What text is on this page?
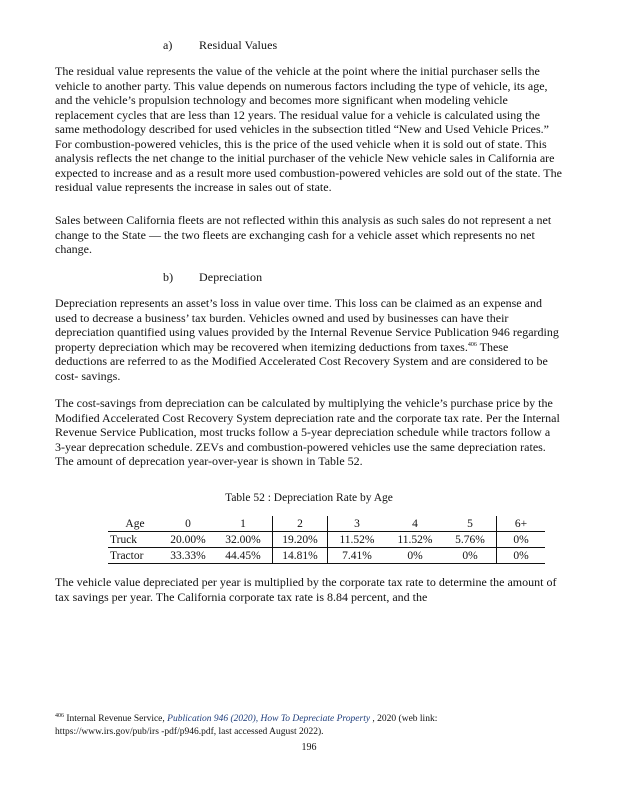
a) Residual Values

The residual value represents the value of the vehicle at the point where the initial purchaser sells the vehicle to another party. This value depends on numerous factors including the type of vehicle, its age, and the vehicle’s propulsion technology and becomes more significant when modeling vehicle replacement cycles that are less than 12 years. The residual value for a vehicle is calculated using the same methodology described for used vehicles in the subsection titled “New and Used Vehicle Prices.” For combustion-powered vehicles, this is the price of the used vehicle when it is sold out of state. This analysis reflects the net change to the initial purchaser of the vehicle New vehicle sales in California are expected to increase and as a result more used combustion-powered vehicles are sold out of the state. The residual value represents the increase in sales out of state.

Sales between California fleets are not reflected within this analysis as such sales do not represent a net change to the State — the two fleets are exchanging cash for a vehicle asset which represents no net change.

b) Depreciation

Depreciation represents an asset’s loss in value over time. This loss can be claimed as an expense and used to decrease a business’ tax burden. Vehicles owned and used by businesses can have their depreciation quantified using values provided by the Internal Revenue Service Publication 946 regarding property depreciation which may be recovered when itemizing deductions from taxes.$^{406}$ These deductions are referred to as the Modified Accelerated Cost Recovery System and are considered to be cost- savings.

The cost-savings from depreciation can be calculated by multiplying the vehicle’s purchase price by the Modified Accelerated Cost Recovery System depreciation rate and the corporate tax rate. Per the Internal Revenue Service Publication, most trucks follow a 5-year depreciation schedule while tractors follow a 3-year deprecation schedule. ZEVs and combustion-powered vehicles use the same depreciation rates. The amount of deprecation year-over-year is shown in Table 52.

Table 52 : Depreciation Rate by Age
Age	0	1	2	3	4	5	6+
Truck	20.00%	32.00%	19.20%	11.52%	11.52%	5.76%	0%
Tractor	33.33%	44.45%	14.81%	7.41%	0%	0%	0%

The vehicle value depreciated per year is multiplied by the corporate tax rate to determine the amount of tax savings per year. The California corporate tax rate is 8.84 percent, and the

$^{406}$ Internal Revenue Service, Publication 946 (2020), How To Depreciate Property , 2020 (web link:
https://www.irs.gov/pub/irs -pdf/p946.pdf, last accessed August 2022).
196
